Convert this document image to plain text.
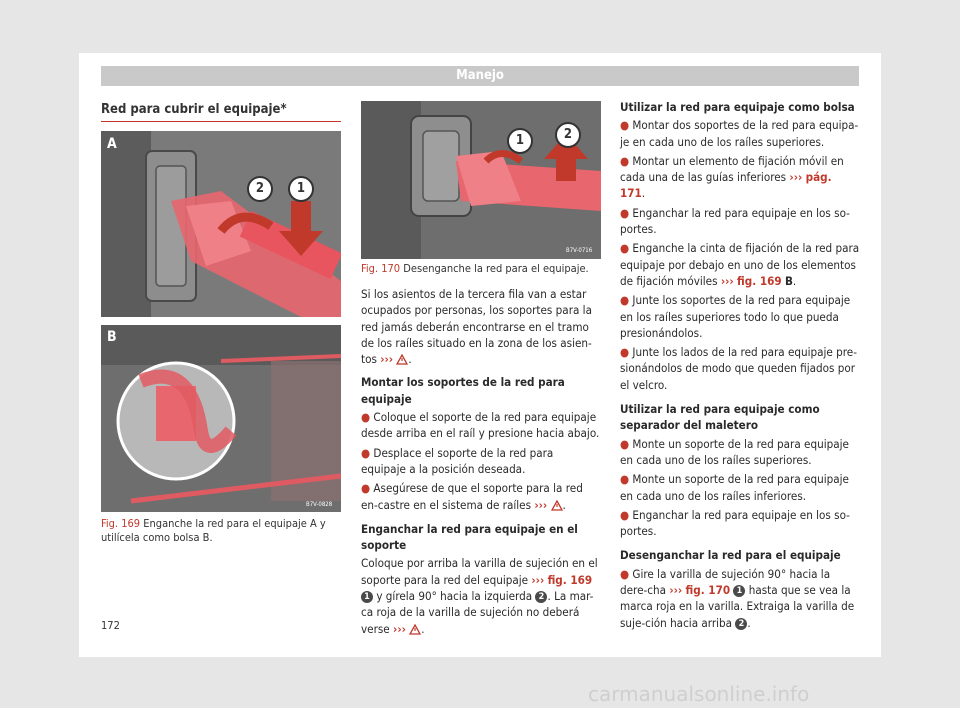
Manejo
Red para cubrir el equipaje*
A
B
2	1
B7V-0828
Fig. 169 Enganche la red para el equipaje A y utilícela como bolsa B.
1	2
B7V-0716
Fig. 170 Desenganche la red para el equipaje.

Si los asientos de la tercera fila van a estar ocupados por personas, los soportes para la red jamás deberán encontrarse en el tramo de los raíles situado en la zona de los asien-tos ››› .

Montar los soportes de la red para equipaje
● Coloque el soporte de la red para equipaje desde arriba en el raíl y presione hacia abajo.
● Desplace el soporte de la red para equipaje a la posición deseada.
● Asegúrese de que el soporte para la red en-castre en el sistema de raíles ››› .
Enganchar la red para equipaje en el soporte

Coloque por arriba la varilla de sujeción en el soporte para la red del equipaje ››› fig. 169 1 y gírela 90° hacia la izquierda 2 . La mar-ca roja de la varilla de sujeción no deberá verse ››› .

Utilizar la red para equipaje como bolsa
● Montar dos soportes de la red para equipa-je en cada uno de los raíles superiores.
● Montar un elemento de fijación móvil en cada una de las guías inferiores ››› pág. 171.
● Enganchar la red para equipaje en los so-portes.
● Enganche la cinta de fijación de la red para equipaje por debajo en uno de los elementos de fijación móviles ››› fig. 169 B.
● Junte los soportes de la red para equipaje en los raíles superiores todo lo que pueda presionándolos.
● Junte los lados de la red para equipaje pre-sionándolos de modo que queden fijados por el velcro.
Utilizar la red para equipaje como separador del maletero
● Monte un soporte de la red para equipaje en cada uno de los raíles superiores.
● Monte un soporte de la red para equipaje en cada uno de los raíles inferiores.
● Enganchar la red para equipaje en los so-portes.
Desenganchar la red para el equipaje
● Gire la varilla de sujeción 90° hacia la dere-cha ››› fig. 170 1 hasta que se vea la marca roja en la varilla. Extraiga la varilla de suje-ción hacia arriba 2 .
172
carmanualsonline.info
